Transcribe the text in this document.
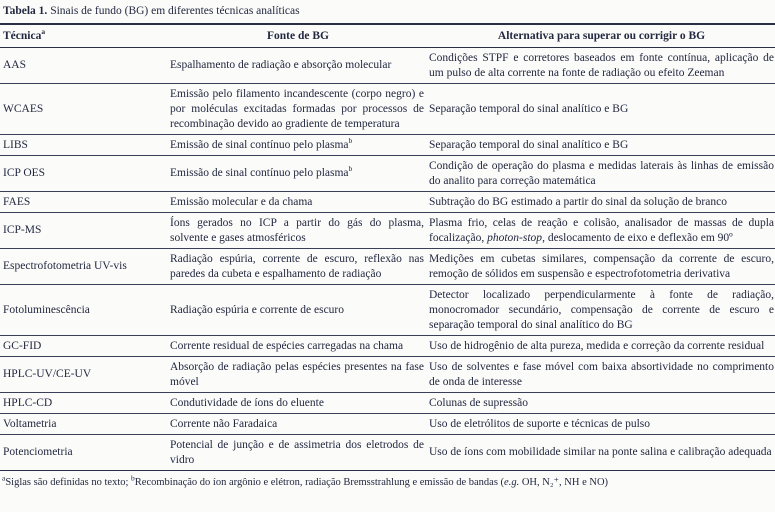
Tabela 1. Sinais de fundo (BG) em diferentes técnicas analíticas

Técnica$^a$	Fonte de BG	Alternativa para superar ou corrigir o BG
AAS	Espalhamento de radiação e absorção molecular	Condições STPF e corretores baseados em fonte contínua, aplicação de um pulso de alta corrente na fonte de radiação ou efeito Zeeman
WCAES	Emissão pelo filamento incandescente (corpo negro) e por moléculas excitadas formadas por processos de recombinação devido ao gradiente de temperatura	Separação temporal do sinal analítico e BG
LIBS	Emissão de sinal contínuo pelo plasma$^b$	Separação temporal do sinal analítico e BG
ICP OES	Emissão de sinal contínuo pelo plasma$^b$	Condição de operação do plasma e medidas laterais às linhas de emissão do analito para correção matemática
FAES	Emissão molecular e da chama	Subtração do BG estimado a partir do sinal da solução de branco
ICP-MS	Íons gerados no ICP a partir do gás do plasma, solvente e gases atmosféricos	Plasma frio, celas de reação e colisão, analisador de massas de dupla focalização, photon-stop, deslocamento de eixo e deflexão em 90º
Espectrofotometria UV-vis	Radiação espúria, corrente de escuro, reflexão nas paredes da cubeta e espalhamento de radiação	Medições em cubetas similares, compensação da corrente de escuro, remoção de sólidos em suspensão e espectrofotometria derivativa
Fotoluminescência	Radiação espúria e corrente de escuro	Detector localizado perpendicularmente à fonte de radiação, monocromador secundário, compensação de corrente de escuro e separação temporal do sinal analítico do BG
GC-FID	Corrente residual de espécies carregadas na chama	Uso de hidrogênio de alta pureza, medida e correção da corrente residual
HPLC-UV/CE-UV	Absorção de radiação pelas espécies presentes na fase móvel	Uso de solventes e fase móvel com baixa absortividade no comprimento de onda de interesse
HPLC-CD	Condutividade de íons do eluente	Colunas de supressão
Voltametria	Corrente não Faradaica	Uso de eletrólitos de suporte e técnicas de pulso
Potenciometria	Potencial de junção e de assimetria dos eletrodos de vidro	Uso de íons com mobilidade similar na ponte salina e calibração adequada

$^a$Siglas são definidas no texto; $^b$Recombinação do íon argônio e elétron, radiação Bremsstrahlung e emissão de bandas (e.g. OH, N₂⁺, NH e NO)
